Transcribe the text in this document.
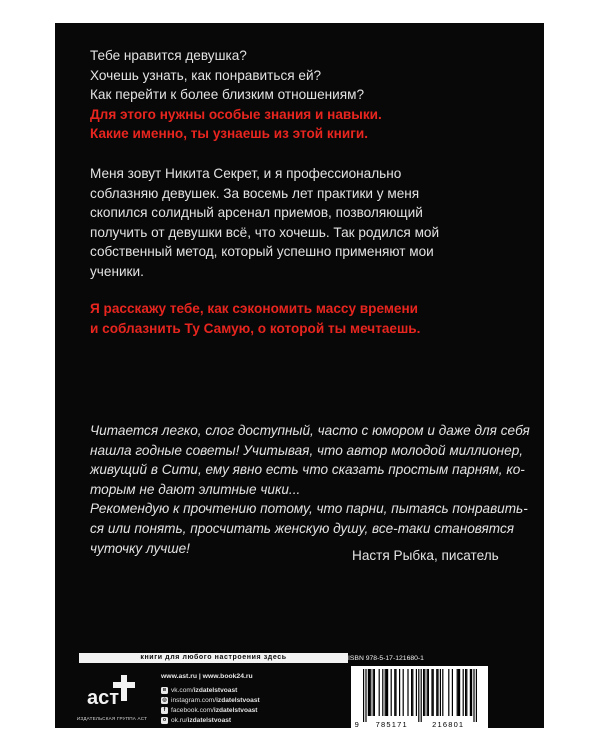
Тебе нравится девушка?
Хочешь узнать, как понравиться ей?
Как перейти к более близким отношениям?
Для этого нужны особые знания и навыки.
Какие именно, ты узнаешь из этой книги.
Меня зовут Никита Секрет, и я профессионально
соблазняю девушек. За восемь лет практики у меня
скопился солидный арсенал приемов, позволяющий
получить от девушки всё, что хочешь. Так родился мой
собственный метод, который успешно применяют мои
ученики.
Я расскажу тебе, как сэкономить массу времени
и соблазнить Ту Самую, о которой ты мечтаешь.
Читается легко, слог доступный, часто с юмором и даже для себя
нашла годные советы! Учитывая, что автор молодой миллионер,
живущий в Сити, ему явно есть что сказать простым парням, ко-
торым не дают элитные чики...
Рекомендую к прочтению потому, что парни, пытаясь понравить-
ся или понять, просчитать женскую душу, все-таки становятся
чуточку лучше!	Настя Рыбка, писатель
книги для любого настроения здесь
аст
ИЗДАТЕЛЬСКАЯ ГРУППА АСТ
www.ast.ru | www.book24.ru
в vk.com/ izdatelstvoast
◎ instagram.com/ izdatelstvoast
f facebook.com/ izdatelstvoast
о ok.ru/ izdatelstvoast
ISBN 978-5-17-121680-1
9 785171	216801
